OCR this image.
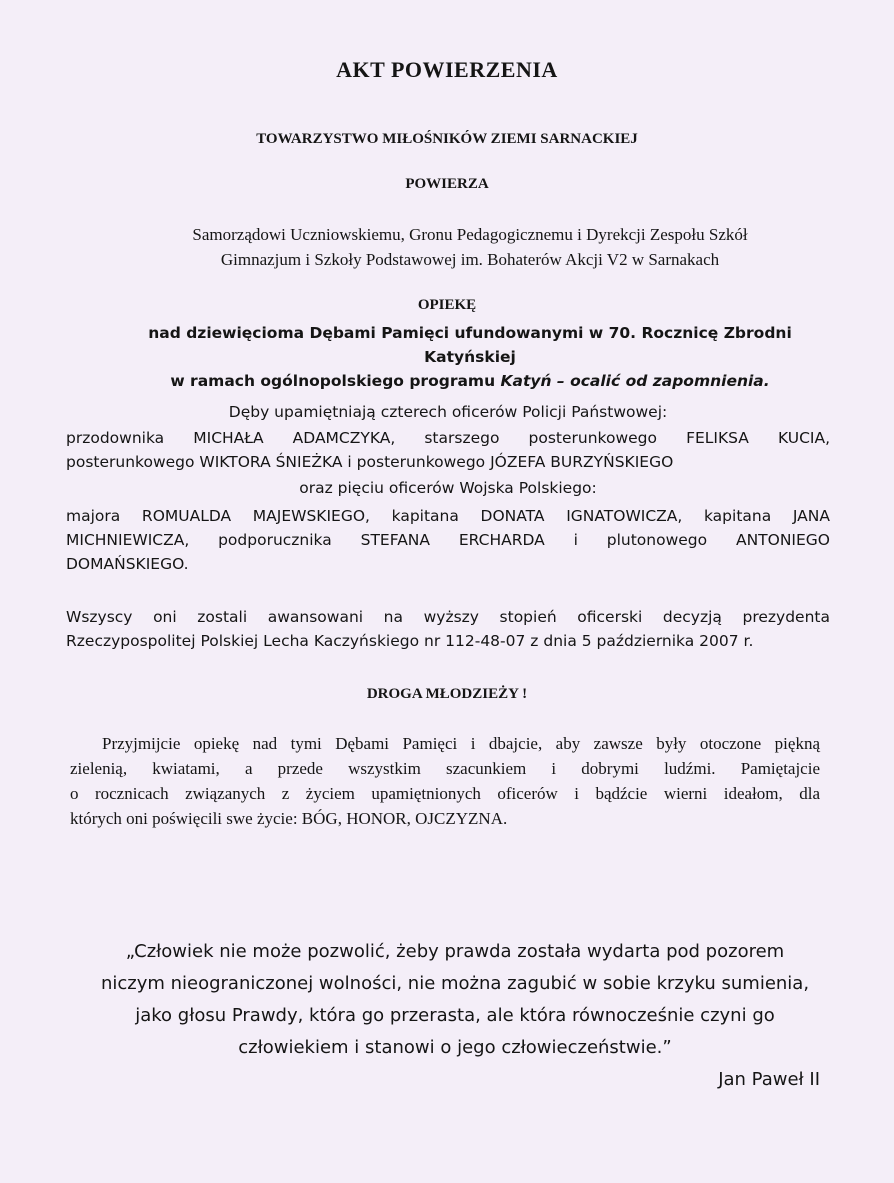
AKT POWIERZENIA

TOWARZYSTWO MIŁOŚNIKÓW ZIEMI SARNACKIEJ

POWIERZA

Samorządowi Uczniowskiemu, Gronu Pedagogicznemu i Dyrekcji Zespołu Szkół
Gimnazjum i Szkoły Podstawowej im. Bohaterów Akcji V2 w Sarnakach

OPIEKĘ

nad dziewięcioma Dębami Pamięci ufundowanymi w 70. Rocznicę Zbrodni Katyńskiej
w ramach ogólnopolskiego programu Katyń – ocalić od zapomnienia.
Dęby upamiętniają czterech oficerów Policji Państwowej:
przodownika MICHAŁA ADAMCZYKA, starszego posterunkowego FELIKSA KUCIA,
posterunkowego WIKTORA ŚNIEŻKA i posterunkowego JÓZEFA BURZYŃSKIEGO
oraz pięciu oficerów Wojska Polskiego:
majora ROMUALDA MAJEWSKIEGO, kapitana DONATA IGNATOWICZA, kapitana JANA
MICHNIEWICZA, podporucznika STEFANA ERCHARDA i plutonowego ANTONIEGO
DOMAŃSKIEGO.
Wszyscy oni zostali awansowani na wyższy stopień oficerski decyzją prezydenta
Rzeczypospolitej Polskiej Lecha Kaczyńskiego nr 112-48-07 z dnia 5 października 2007 r.

DROGA MŁODZIEŻY !

Przyjmijcie opiekę nad tymi Dębami Pamięci i dbajcie, aby zawsze były otoczone piękną
zielenią, kwiatami, a przede wszystkim szacunkiem i dobrymi ludźmi. Pamiętajcie
o rocznicach związanych z życiem upamiętnionych oficerów i bądźcie wierni ideałom, dla
których oni poświęcili swe życie: BÓG, HONOR, OJCZYZNA.
„Człowiek nie może pozwolić, żeby prawda została wydarta pod pozorem
niczym nieograniczonej wolności, nie można zagubić w sobie krzyku sumienia,
jako głosu Prawdy, która go przerasta, ale która równocześnie czyni go
człowiekiem i stanowi o jego człowieczeństwie.”
Jan Paweł II
